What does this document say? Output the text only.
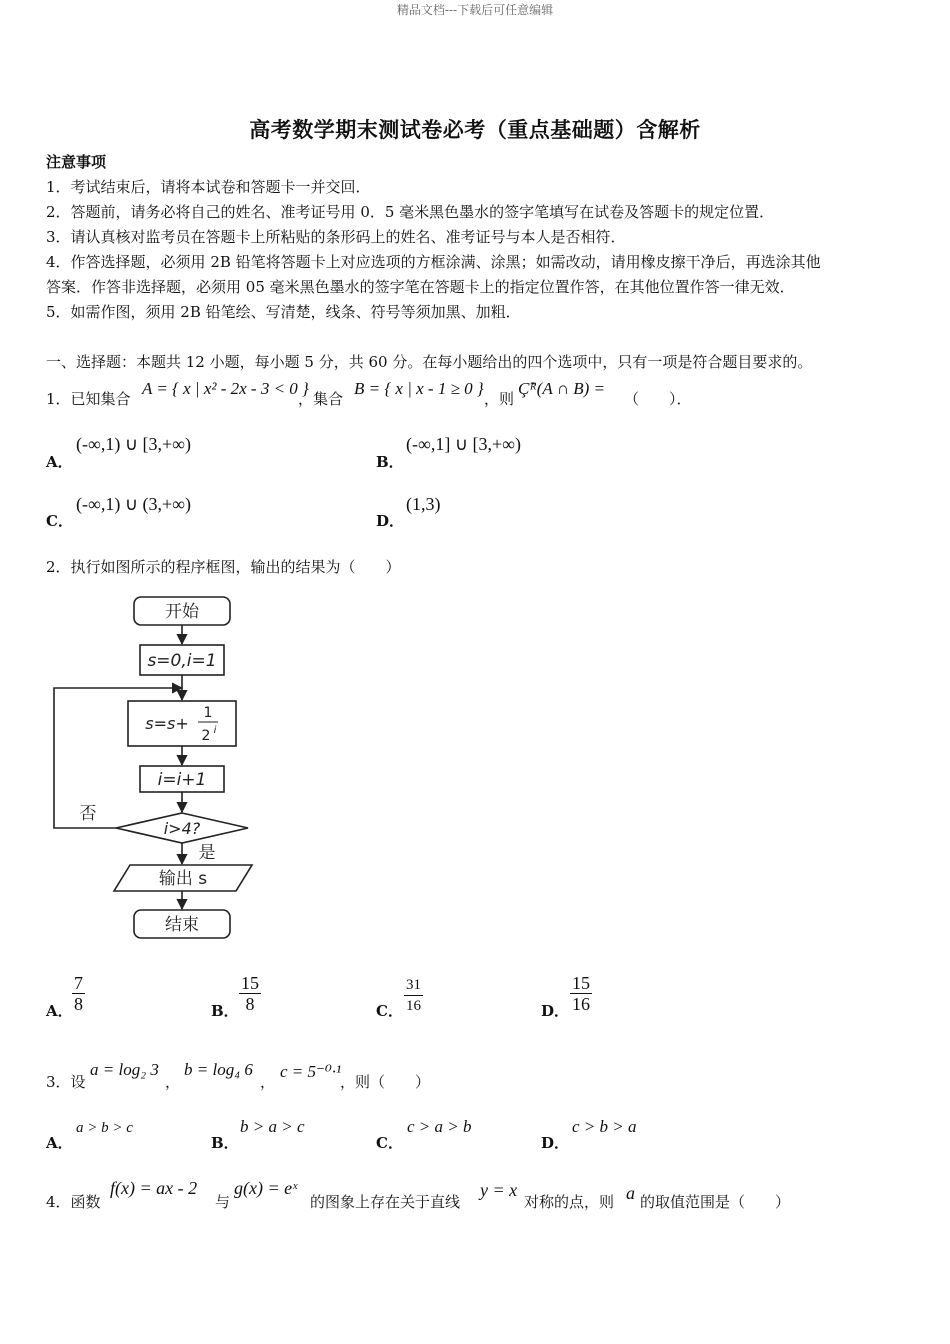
精品文档---下载后可任意编辑
高考数学期末测试卷必考（重点基础题）含解析
注意事项
1．考试结束后，请将本试卷和答题卡一并交回．
2．答题前，请务必将自己的姓名、准考证号用 0．5 毫米黑色墨水的签字笔填写在试卷及答题卡的规定位置．
3．请认真核对监考员在答题卡上所粘贴的条形码上的姓名、准考证号与本人是否相符．
4．作答选择题，必须用 2B 铅笔将答题卡上对应选项的方框涂满、涂黑；如需改动，请用橡皮擦干净后，再选涂其他
答案．作答非选择题，必须用 05 毫米黑色墨水的签字笔在答题卡上的指定位置作答，在其他位置作答一律无效．
5．如需作图，须用 2B 铅笔绘、写清楚，线条、符号等须加黑、加粗．
一、选择题：本题共 12 小题，每小题 5 分，共 60 分。在每小题给出的四个选项中，只有一项是符合题目要求的。
1．已知集合
A = { x | x² - 2x - 3 < 0 }
，集合
B = { x | x - 1 ≥ 0 }
，则
Ç̃ᴿ(A ∩ B) =
（　　）．
A．
(-∞,1) ∪ [3,+∞)
B．
(-∞,1] ∪ [3,+∞)
C．
(-∞,1) ∪ (3,+∞)
D．
(1,3)
2．执行如图所示的程序框图，输出的结果为（　　）
开始
s=0,i=1
s=s+
1
2 i
i=i+1
i>4?
否
是
输出 s
结束
A． $\frac{7}{8}$	B． $\frac{15}{8}$	C． $\frac{31}{16}$	D． $\frac{15}{16}$
3．设
a = log₂ 3
，
b = log₄ 6
，
c = 5⁻⁰·¹
，则（　　）
A．
a > b > c
B．
b > a > c
C．
c > a > b
D．
c > b > a
4．函数
f(x) = ax - 2
与
g(x) = eˣ
的图象上存在关于直线
y = x
对称的点，则 a 的取值范围是（　　）
